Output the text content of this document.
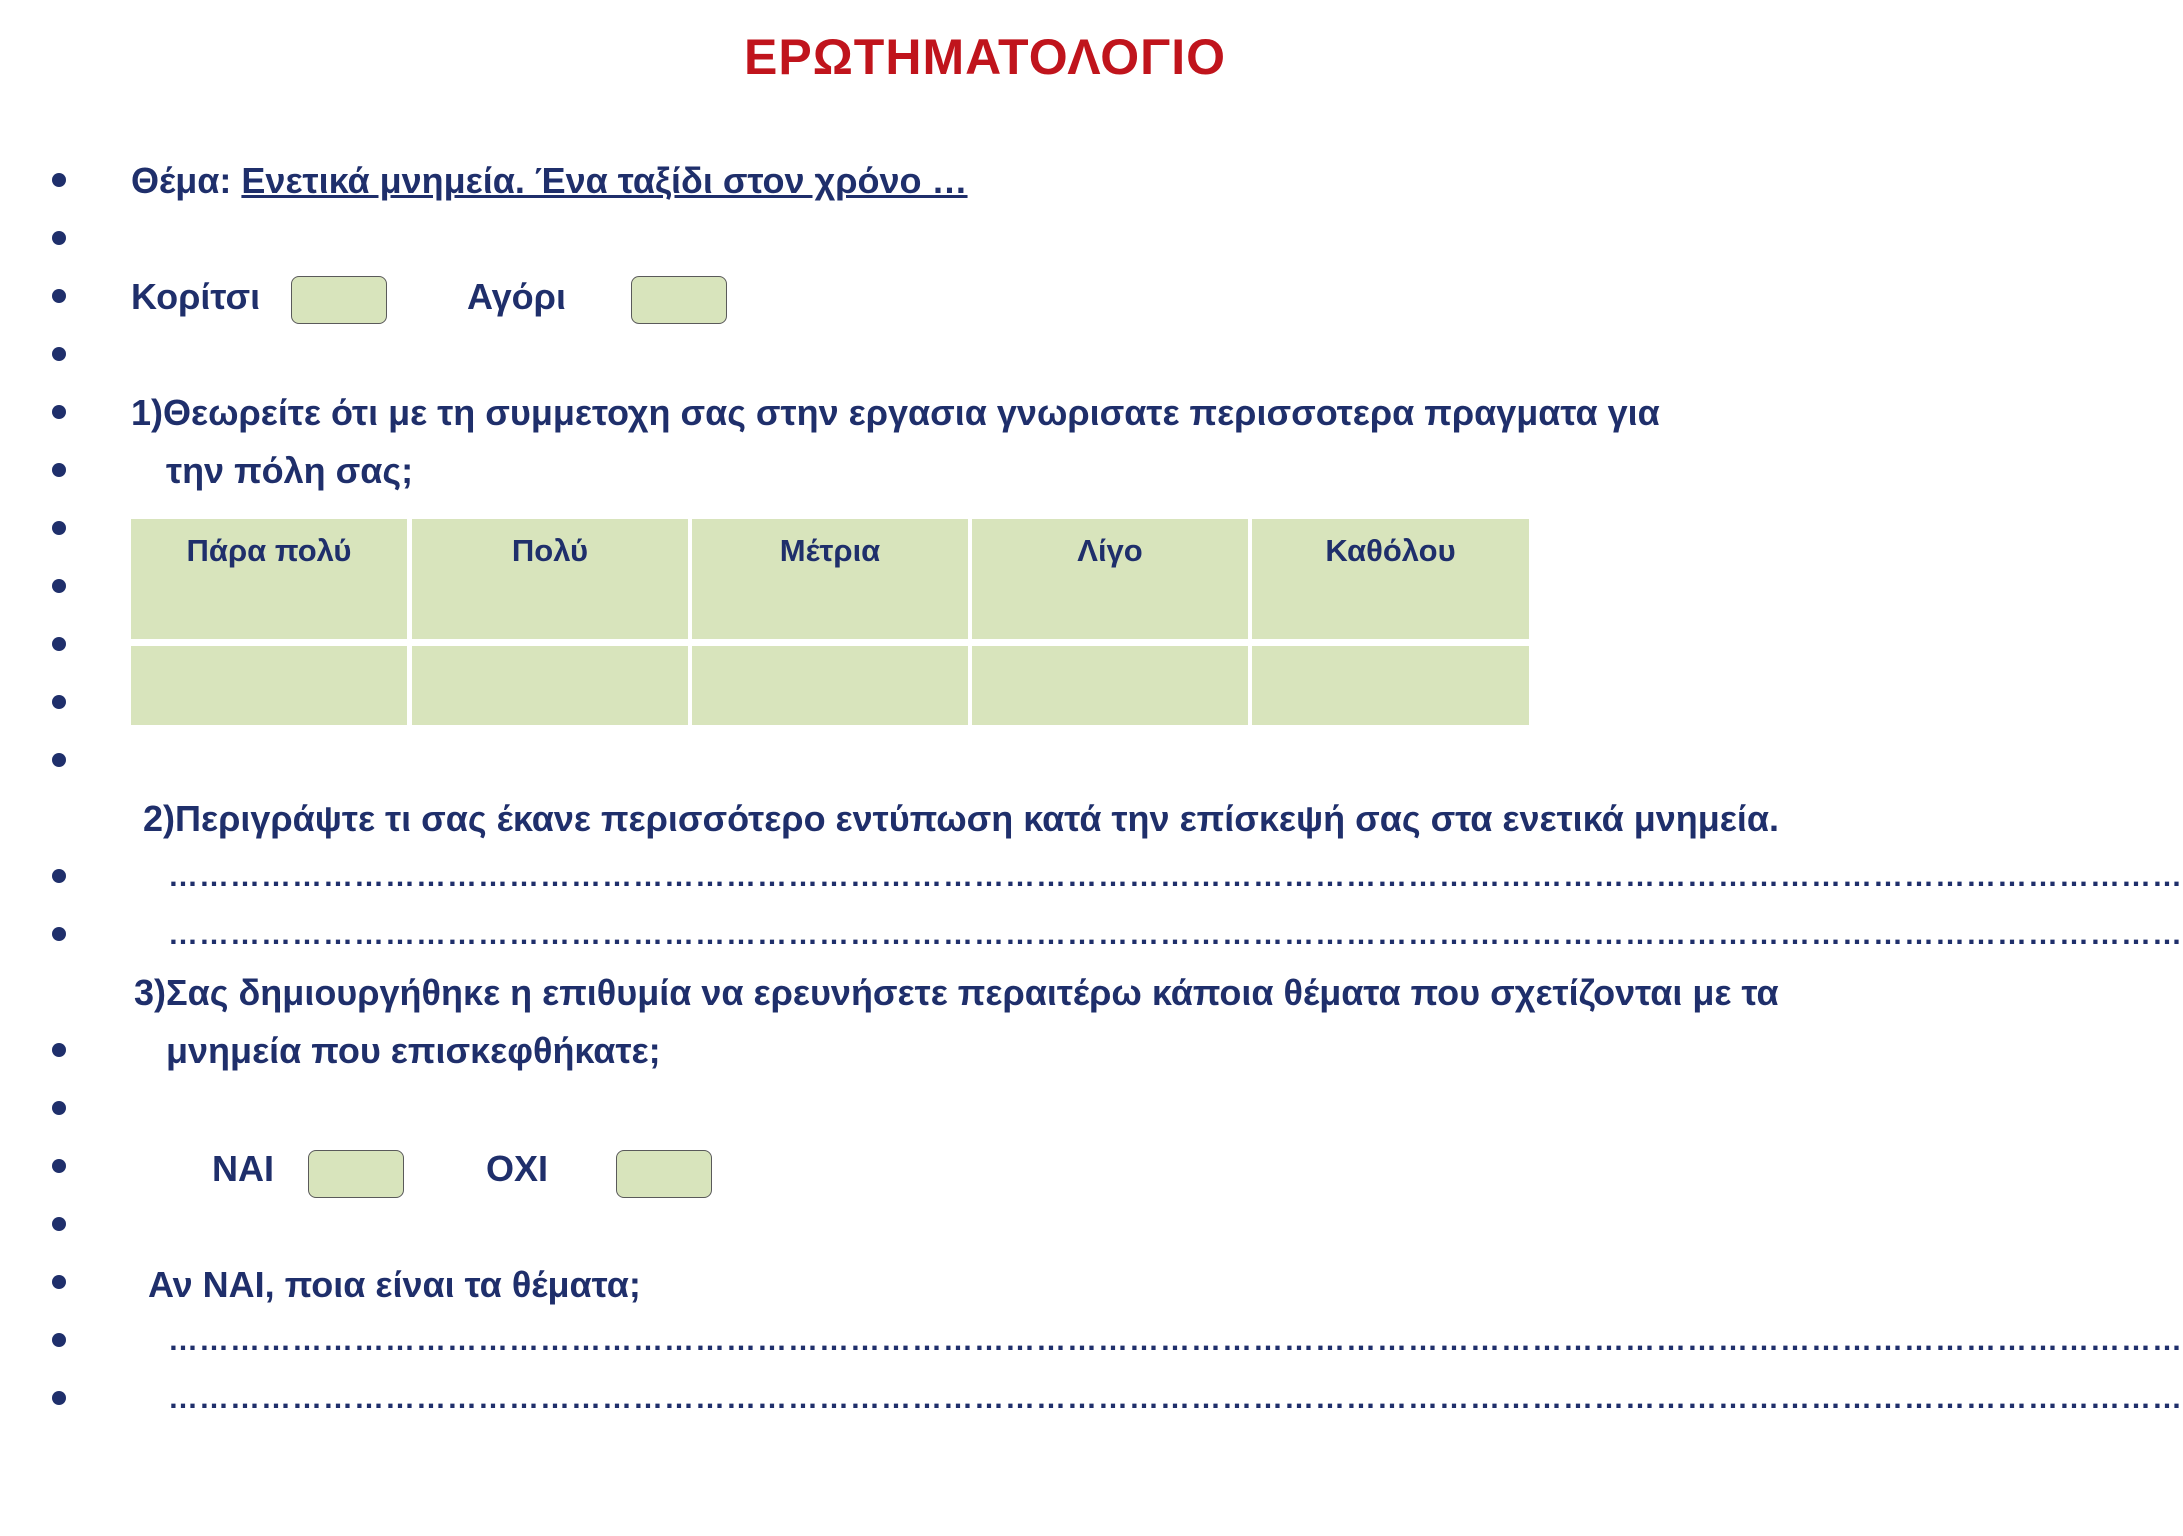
ΕΡΩΤΗΜΑΤΟΛΟΓΙΟ
Θέμα: Ενετικά μνημεία. Ένα ταξίδι στον χρόνο …
Κορίτσι	Αγόρι
1)Θεωρείτε ότι με τη συμμετοχη σας στην εργασια γνωρισατε περισσοτερα πραγματα για
την πόλη σας;
Πάρα πολύ	Πολύ	Μέτρια	Λίγο	Καθόλου
2)Περιγράψτε τι σας έκανε περισσότερο εντύπωση κατά την επίσκεψή σας στα ενετικά μνημεία.
……………………………………………………………………………………………………………………………………………………………………………
……………………………………………………………………………………………………………………………………………………………………………
3)Σας δημιουργήθηκε η επιθυμία να ερευνήσετε περαιτέρω κάποια θέματα που σχετίζονται με τα
μνημεία που επισκεφθήκατε;
ΝΑΙ	ΟΧΙ
Αν ΝΑΙ, ποια είναι τα θέματα;
……………………………………………………………………………………………………………………………………………………………………………
……………………………………………………………………………………………………………………………………………………………………………
